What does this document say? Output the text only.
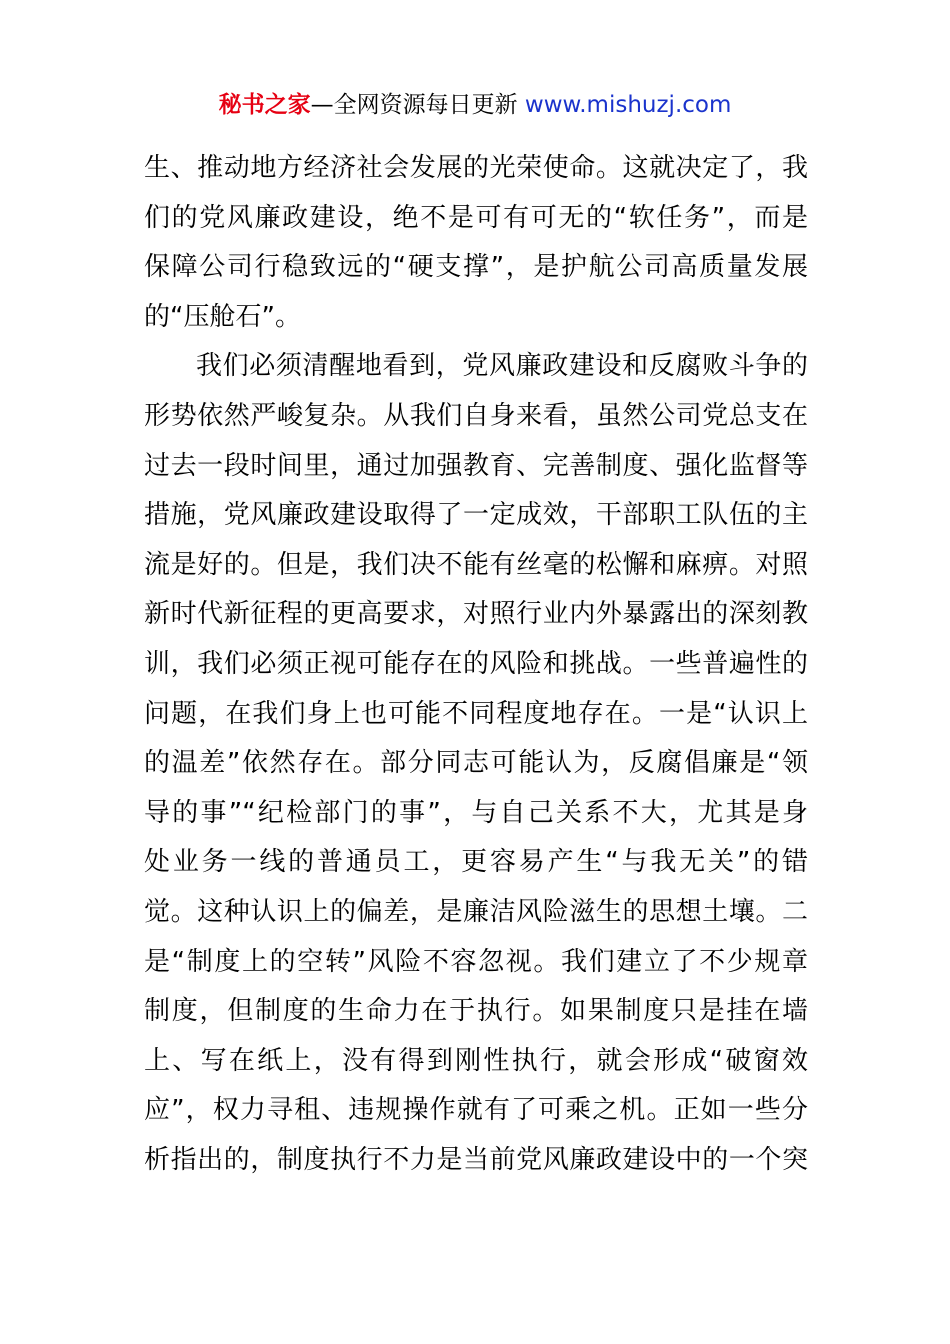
秘书之家—全网资源每日更新 www.mishuzj.com
生、推动地方经济社会发展的光荣使命。这就决定了，我
们的党风廉政建设，绝不是可有可无的“软任务”，而是
保障公司行稳致远的“硬支撑”，是护航公司高质量发展
的“压舱石”。
我们必须清醒地看到，党风廉政建设和反腐败斗争的
形势依然严峻复杂。从我们自身来看，虽然公司党总支在
过去一段时间里，通过加强教育、完善制度、强化监督等
措施，党风廉政建设取得了一定成效，干部职工队伍的主
流是好的。但是，我们决不能有丝毫的松懈和麻痹。对照
新时代新征程的更高要求，对照行业内外暴露出的深刻教
训，我们必须正视可能存在的风险和挑战。一些普遍性的
问题，在我们身上也可能不同程度地存在。一是“认识上
的温差”依然存在。部分同志可能认为，反腐倡廉是“领
导的事”“纪检部门的事”，与自己关系不大，尤其是身
处业务一线的普通员工，更容易产生“与我无关”的错
觉。这种认识上的偏差，是廉洁风险滋生的思想土壤。二
是“制度上的空转”风险不容忽视。我们建立了不少规章
制度，但制度的生命力在于执行。如果制度只是挂在墙
上、写在纸上，没有得到刚性执行，就会形成“破窗效
应”，权力寻租、违规操作就有了可乘之机。正如一些分
析指出的，制度执行不力是当前党风廉政建设中的一个突
